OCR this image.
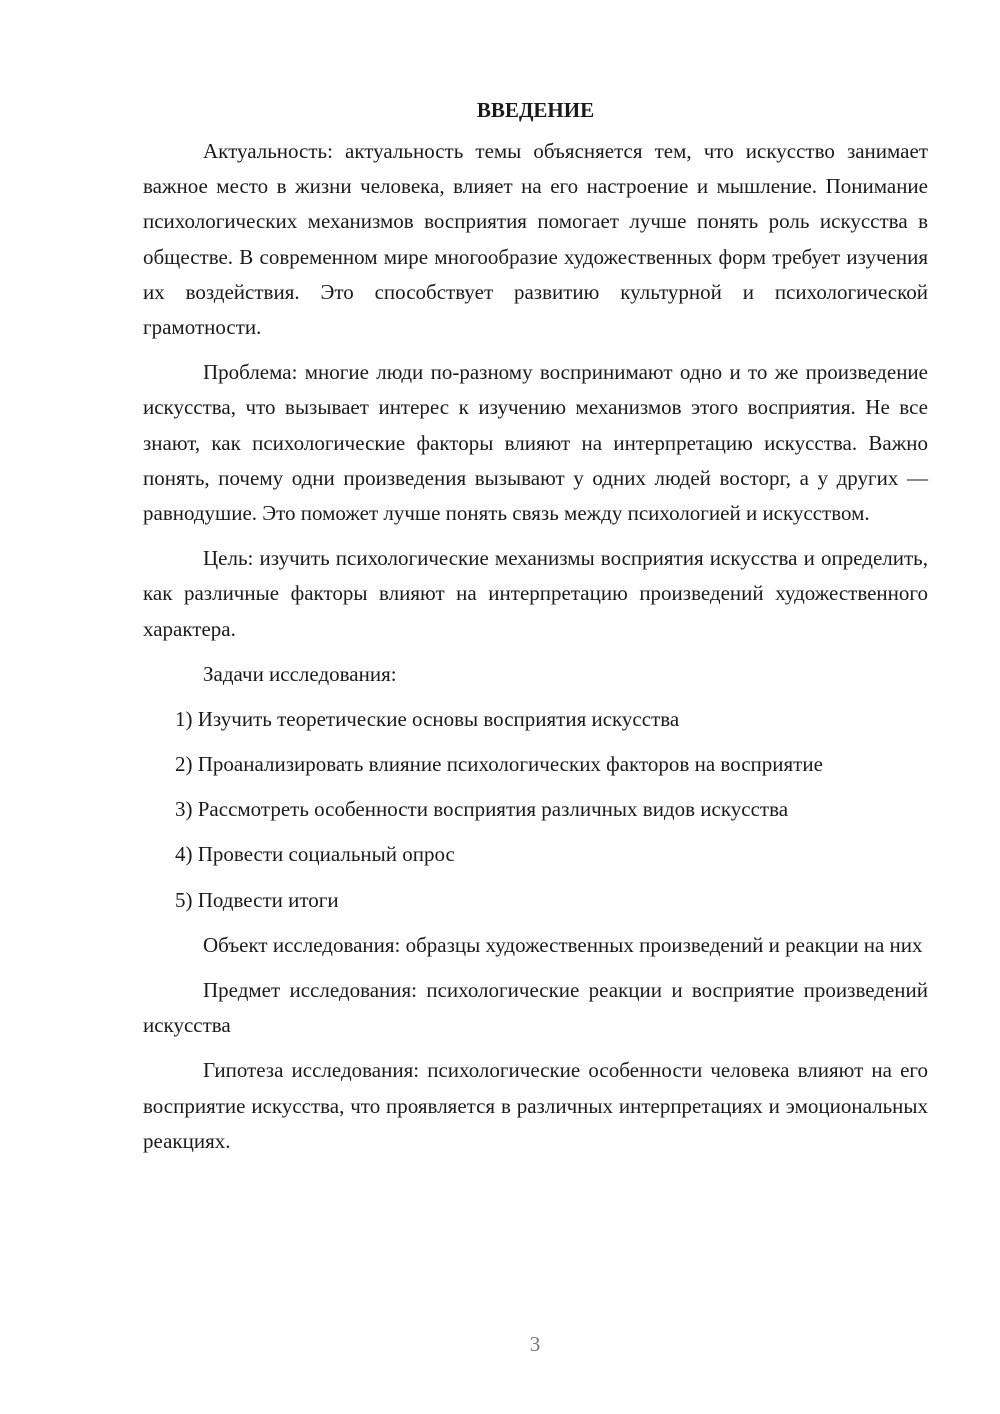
ВВЕДЕНИЕ

Актуальность: актуальность темы объясняется тем, что искусство занимает важное место в жизни человека, влияет на его настроение и мышление. Понимание психологических механизмов восприятия помогает лучше понять роль искусства в обществе. В современном мире многообразие художественных форм требует изучения их воздействия. Это способствует развитию культурной и психологической грамотности.

Проблема: многие люди по-разному воспринимают одно и то же произведение искусства, что вызывает интерес к изучению механизмов этого восприятия. Не все знают, как психологические факторы влияют на интерпретацию искусства. Важно понять, почему одни произведения вызывают у одних людей восторг, а у других — равнодушие. Это поможет лучше понять связь между психологией и искусством.

Цель: изучить психологические механизмы восприятия искусства и определить, как различные факторы влияют на интерпретацию произведений художественного характера.

Задачи исследования:

1) Изучить теоретические основы восприятия искусства

2) Проанализировать влияние психологических факторов на восприятие

3) Рассмотреть особенности восприятия различных видов искусства

4) Провести социальный опрос

5) Подвести итоги

Объект исследования: образцы художественных произведений и реакции на них

Предмет исследования: психологические реакции и восприятие произведений искусства

Гипотеза исследования: психологические особенности человека влияют на его восприятие искусства, что проявляется в различных интерпретациях и эмоциональных реакциях.

3
